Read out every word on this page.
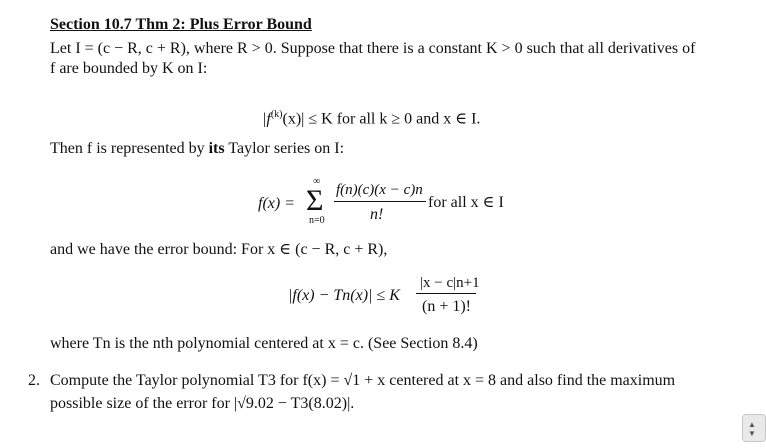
Section 10.7 Thm 2: Plus Error Bound
Let I = (c − R, c + R), where R > 0. Suppose that there is a constant K > 0 such that all derivatives of
f are bounded by K on I:
$|f^{(k)}(x)| \le K$ for all k ≥ 0 and x ∈ I.
Then f is represented by its Taylor series on I:
f(x) =
∞
Σ
n=0
f(n)(c)(x − c)n
n!
for all x ∈ I
and we have the error bound: For x ∈ (c − R, c + R),
|f(x) − Tn(x)| ≤ K
|x − c|n+1
(n + 1)!
where Tn is the nth polynomial centered at x = c. (See Section 8.4)
2. Compute the Taylor polynomial T3 for f(x) = √1 + x centered at x = 8 and also find the maximum
possible size of the error for |√9.02 − T3(8.02)|.
▲
▼
